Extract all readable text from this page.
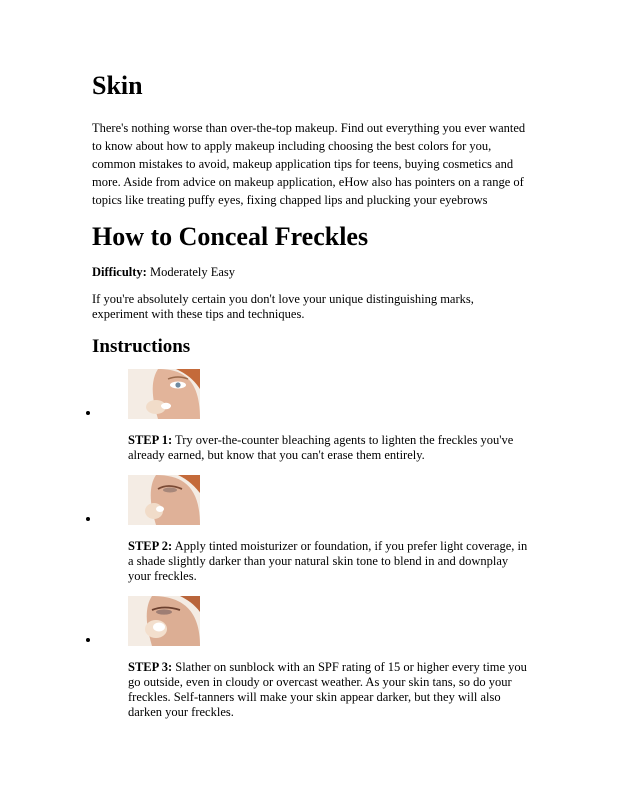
Skin

There's nothing worse than over-the-top makeup. Find out everything you ever wanted to know about how to apply makeup including choosing the best colors for you, common mistakes to avoid, makeup application tips for teens, buying cosmetics and more. Aside from advice on makeup application, eHow also has pointers on a range of topics like treating puffy eyes, fixing chapped lips and plucking your eyebrows

How to Conceal Freckles

Difficulty: Moderately Easy

If you're absolutely certain you don't love your unique distinguishing marks, experiment with these tips and techniques.

Instructions

STEP 1: Try over-the-counter bleaching agents to lighten the freckles you've already earned, but know that you can't erase them entirely.

STEP 2: Apply tinted moisturizer or foundation, if you prefer light coverage, in a shade slightly darker than your natural skin tone to blend in and downplay your freckles.

STEP 3: Slather on sunblock with an SPF rating of 15 or higher every time you go outside, even in cloudy or overcast weather. As your skin tans, so do your freckles. Self-tanners will make your skin appear darker, but they will also darken your freckles.
